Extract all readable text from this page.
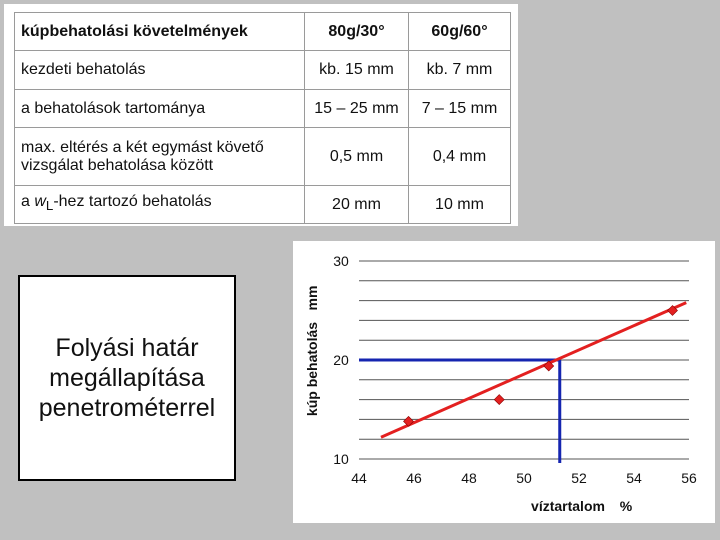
kúpbehatolási követelmények	80g/30°	60g/60°
kezdeti behatolás	kb. 15 mm	kb. 7 mm
a behatolások tartománya	15 – 25 mm	7 – 15 mm
max. eltérés a két egymást követő
vizsgálat behatolása között	0,5 mm	0,4 mm
a $w_L$-hez tartozó behatolás	20 mm	10 mm
Folyási határ
megállapítása
penetrométerrel
44	46	48	50	52	54	56
10
20
30
víztartalom %
kúp behatolás
mm
